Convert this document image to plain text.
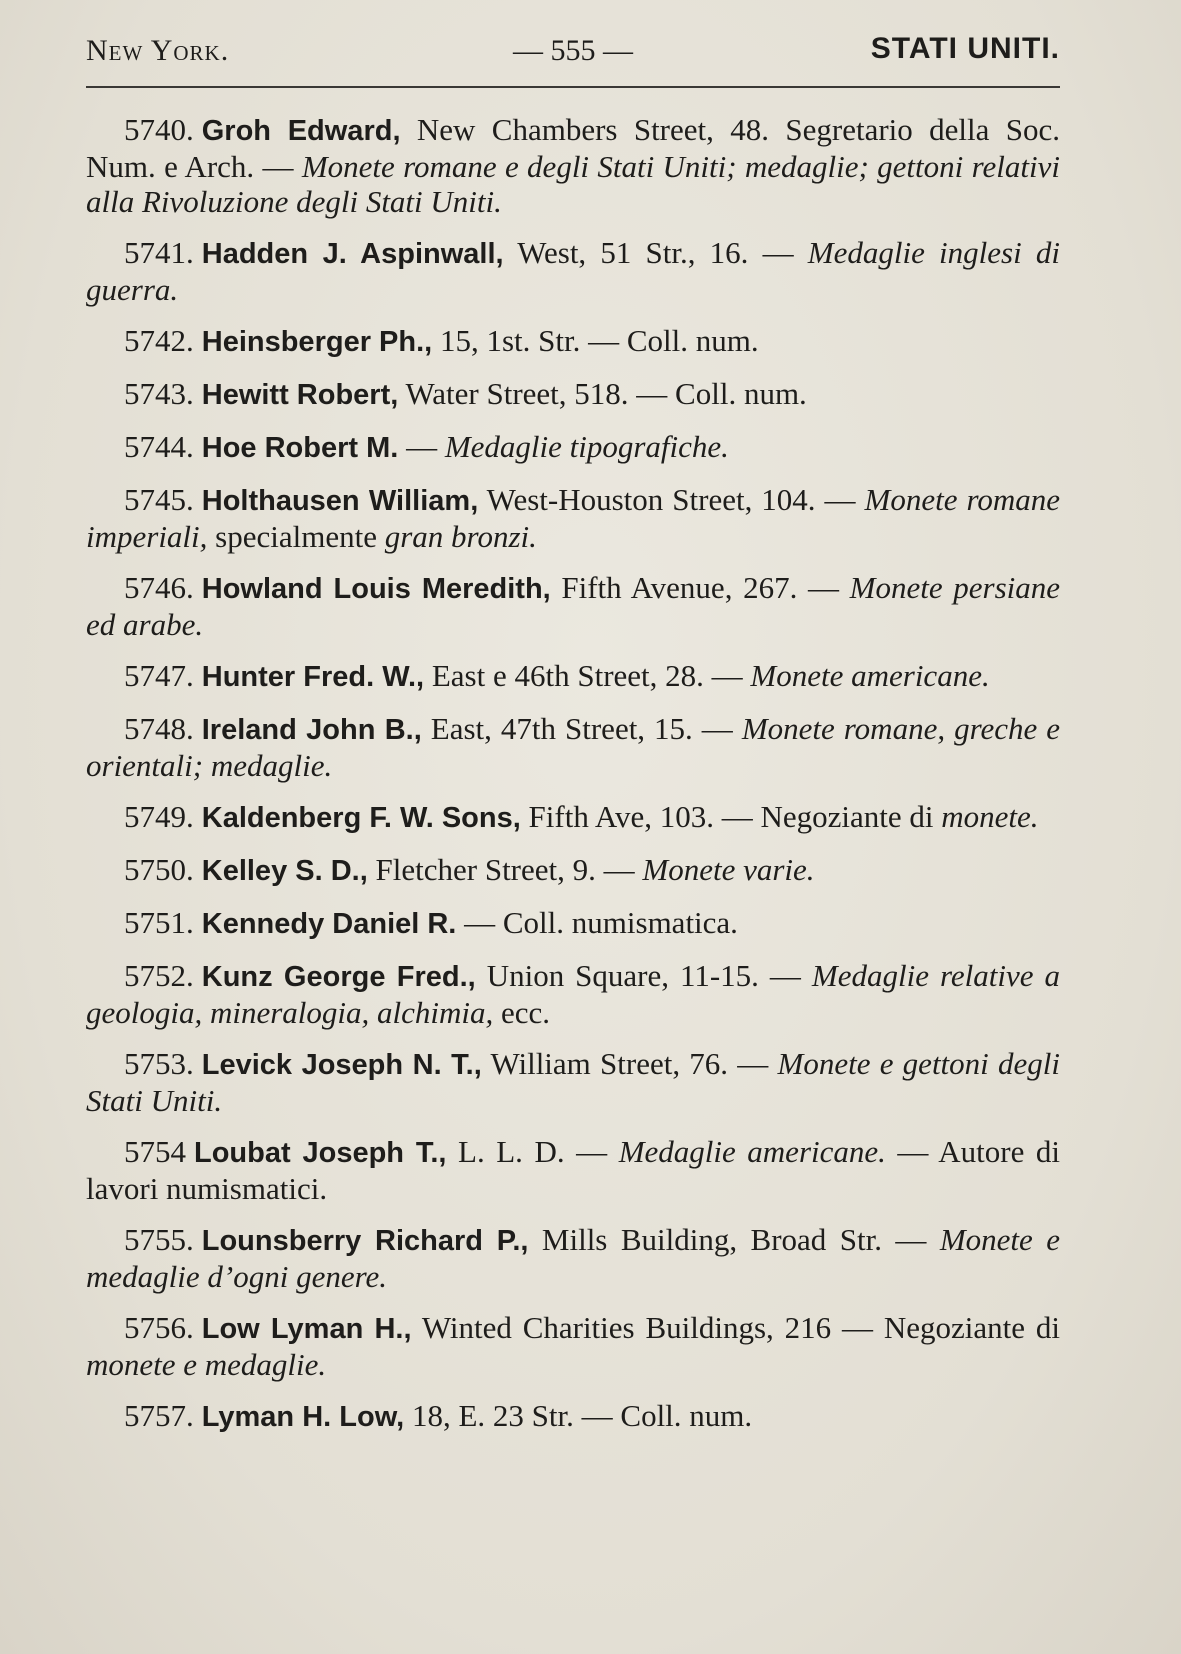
New York.	— 555 —	STATI UNITI.

5740. Groh Edward, New Chambers Street, 48. Segretario della Soc. Num. e Arch. — Monete romane e degli Stati Uniti; medaglie; gettoni relativi alla Rivoluzione degli Stati Uniti.

5741. Hadden J. Aspinwall, West, 51 Str., 16. — Medaglie inglesi di guerra.

5742. Heinsberger Ph., 15, 1st. Str. — Coll. num.

5743. Hewitt Robert, Water Street, 518. — Coll. num.

5744. Hoe Robert M. — Medaglie tipografiche.

5745. Holthausen William, West-Houston Street, 104. — Monete romane imperiali, specialmente gran bronzi.

5746. Howland Louis Meredith, Fifth Avenue, 267. — Monete persiane ed arabe.

5747. Hunter Fred. W., East e 46th Street, 28. — Monete americane.

5748. Ireland John B., East, 47th Street, 15. — Monete romane, greche e orientali; medaglie.

5749. Kaldenberg F. W. Sons, Fifth Ave, 103. — Negoziante di monete.

5750. Kelley S. D., Fletcher Street, 9. — Monete varie.

5751. Kennedy Daniel R. — Coll. numismatica.

5752. Kunz George Fred., Union Square, 11-15. — Medaglie relative a geologia, mineralogia, alchimia, ecc.

5753. Levick Joseph N. T., William Street, 76. — Monete e gettoni degli Stati Uniti.

5754 Loubat Joseph T., L. L. D. — Medaglie americane. — Autore di lavori numismatici.

5755. Lounsberry Richard P., Mills Building, Broad Str. — Monete e medaglie d’ogni genere.

5756. Low Lyman H., Winted Charities Buildings, 216 — Negoziante di monete e medaglie.

5757. Lyman H. Low, 18, E. 23 Str. — Coll. num.
